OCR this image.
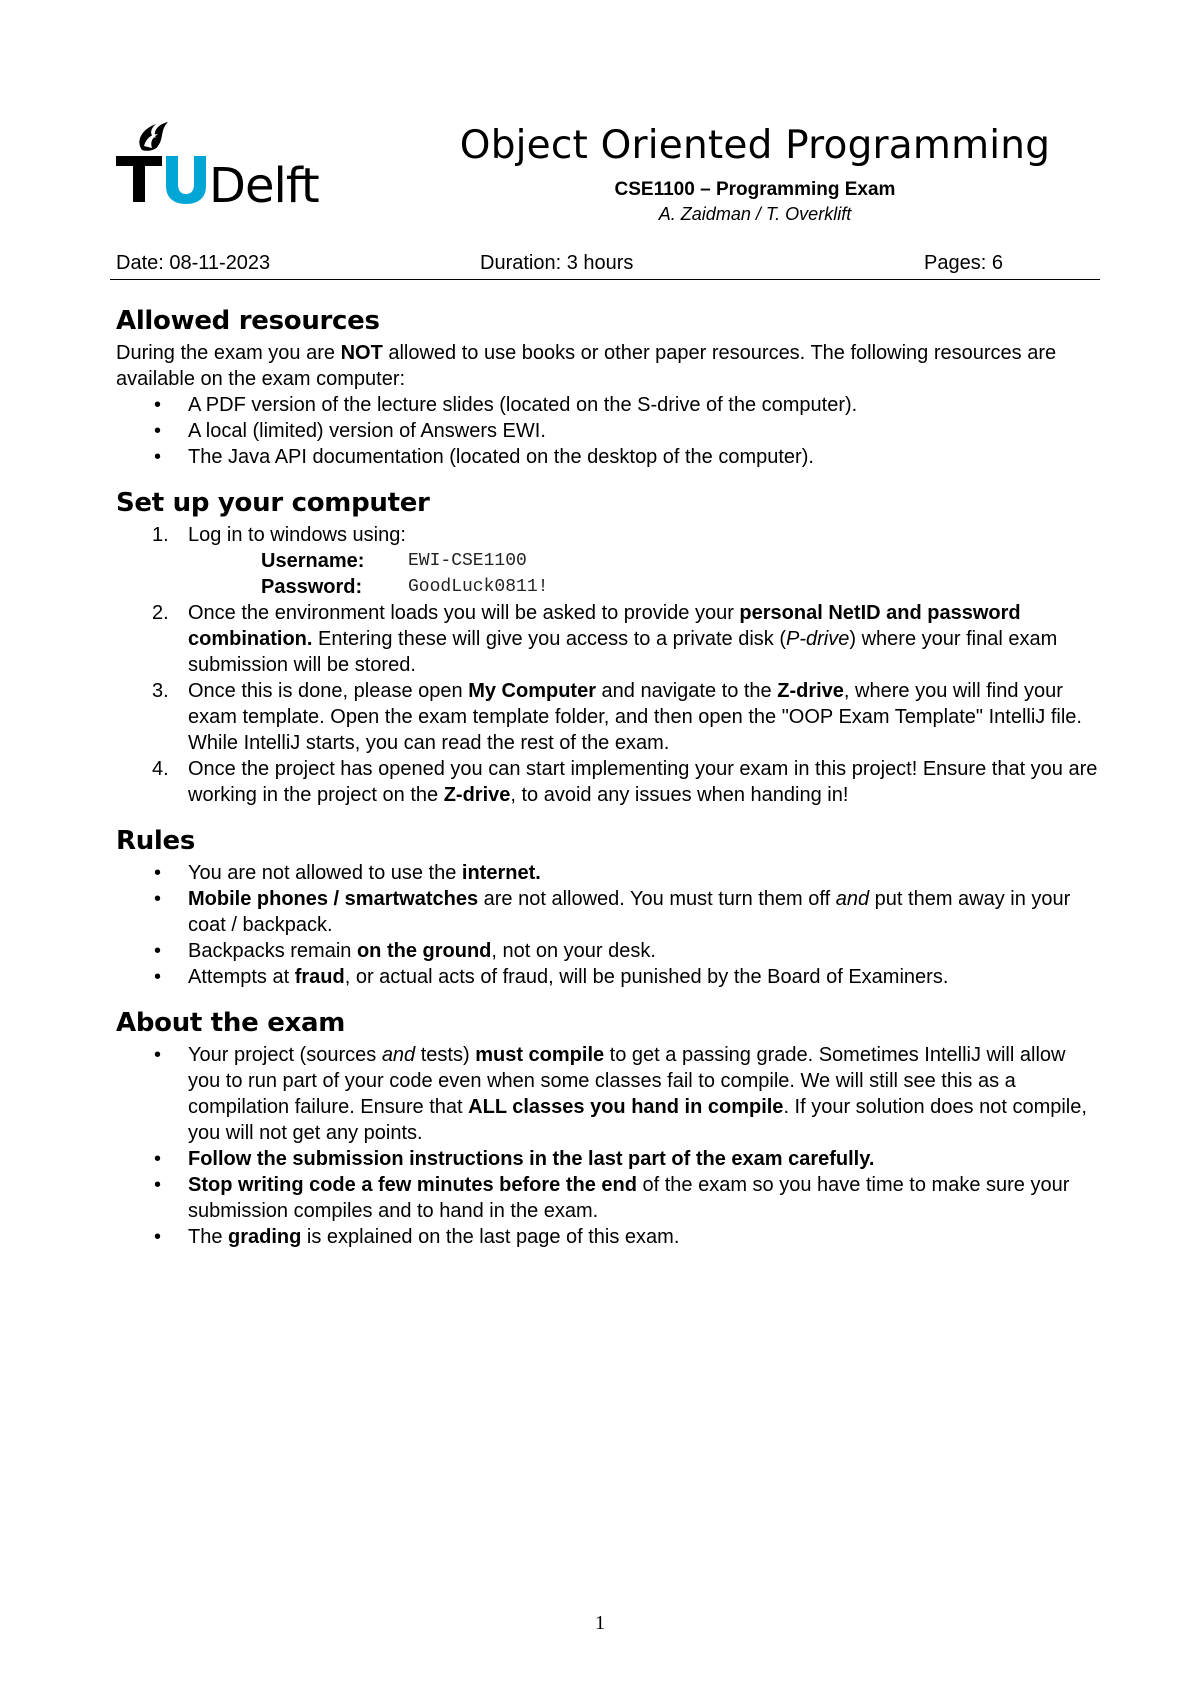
Delft
Object Oriented Programming
CSE1100 – Programming Exam
A. Zaidman / T. Overklift
Date: 08-11-2023	Duration: 3 hours	Pages: 6
Allowed resources

During the exam you are NOT allowed to use books or other paper resources. The following resources are available on the exam computer:

• A PDF version of the lecture slides (located on the S-drive of the computer).
• A local (limited) version of Answers EWI.
• The Java API documentation (located on the desktop of the computer).
Set up your computer
1. Log in to windows using:
Username: EWI-CSE1100
Password:	GoodLuck0811!
2. Once the environment loads you will be asked to provide your personal NetID and password combination. Entering these will give you access to a private disk (P-drive) where your final exam submission will be stored.
3. Once this is done, please open My Computer and navigate to the Z-drive, where you will find your exam template. Open the exam template folder, and then open the "OOP Exam Template" IntelliJ file. While IntelliJ starts, you can read the rest of the exam.
4. Once the project has opened you can start implementing your exam in this project! Ensure that you are working in the project on the Z-drive, to avoid any issues when handing in!
Rules
• You are not allowed to use the internet.
• Mobile phones / smartwatches are not allowed. You must turn them off and put them away in your coat / backpack.
• Backpacks remain on the ground, not on your desk.
• Attempts at fraud, or actual acts of fraud, will be punished by the Board of Examiners.
About the exam
• Your project (sources and tests) must compile to get a passing grade. Sometimes IntelliJ will allow you to run part of your code even when some classes fail to compile. We will still see this as a compilation failure. Ensure that ALL classes you hand in compile. If your solution does not compile, you will not get any points.
• Follow the submission instructions in the last part of the exam carefully.
• Stop writing code a few minutes before the end of the exam so you have time to make sure your submission compiles and to hand in the exam.
• The grading is explained on the last page of this exam.
1
